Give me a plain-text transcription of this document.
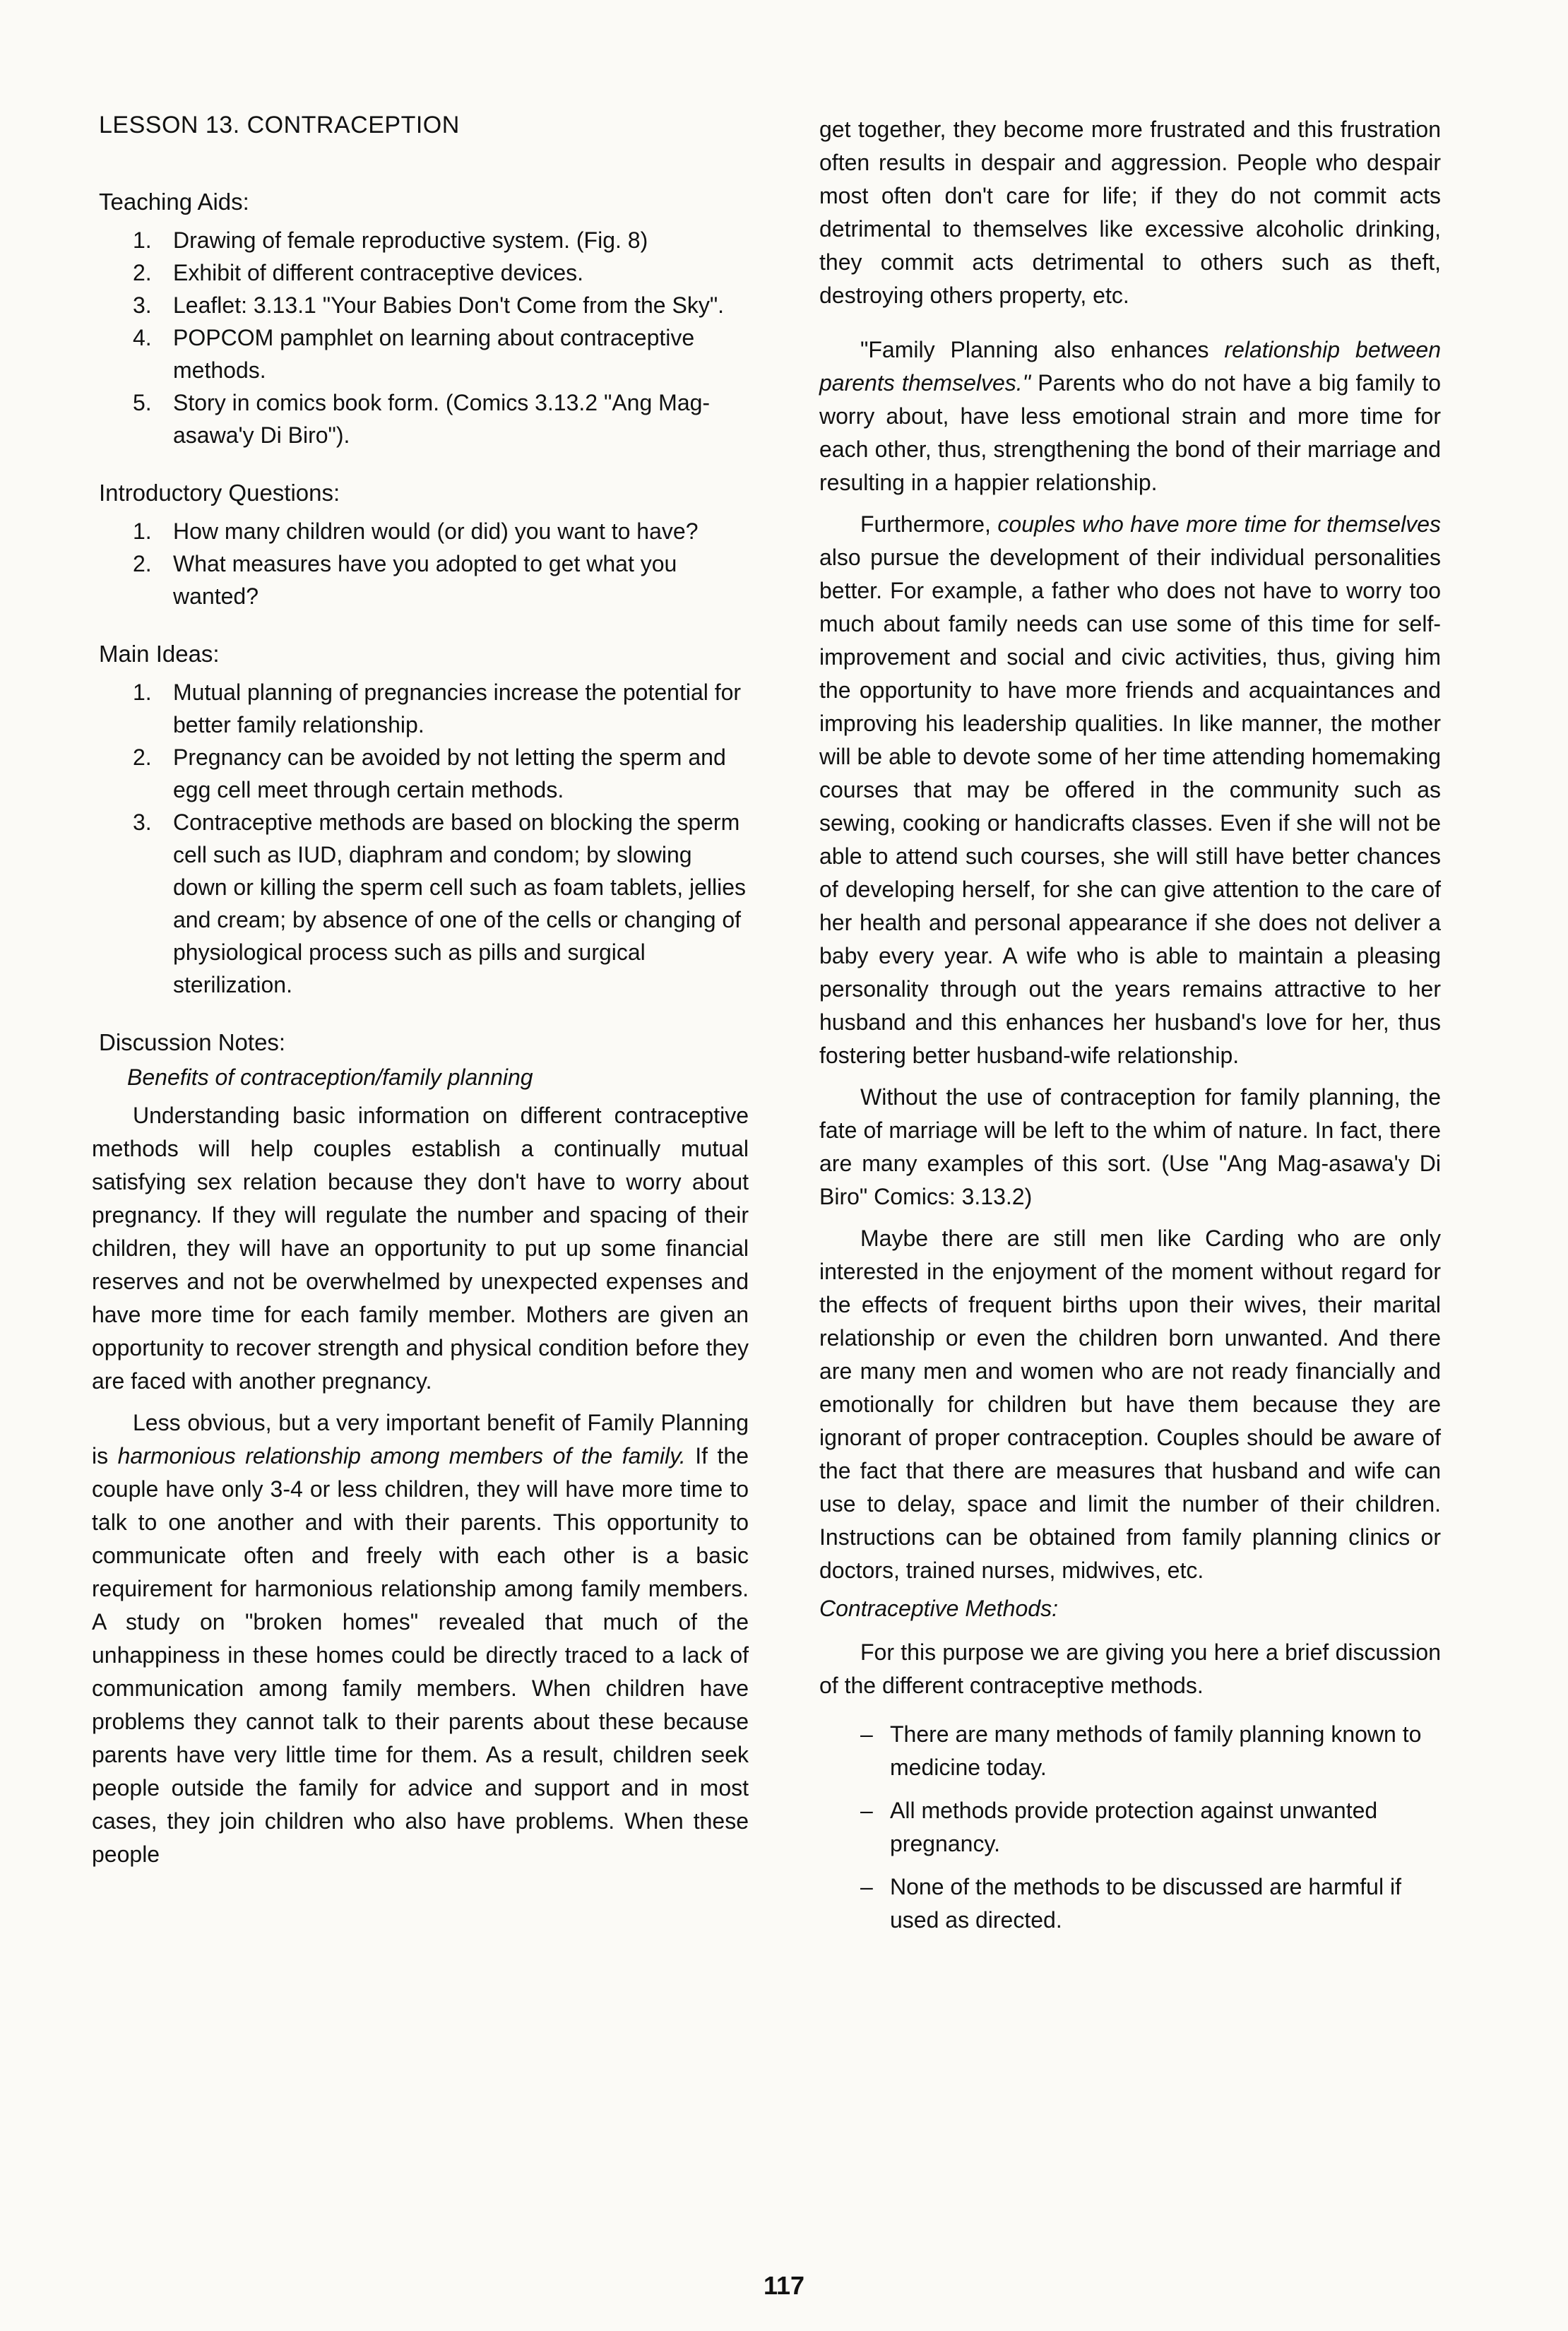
LESSON 13. CONTRACEPTION
Teaching Aids:
1. Drawing of female reproductive system. (Fig. 8)
2. Exhibit of different contraceptive devices.
3. Leaflet: 3.13.1 "Your Babies Don't Come from the Sky".
4. POPCOM pamphlet on learning about contraceptive methods.
5. Story in comics book form. (Comics 3.13.2 "Ang Mag-asawa'y Di Biro").
Introductory Questions:
1. How many children would (or did) you want to have?
2. What measures have you adopted to get what you wanted?
Main Ideas:
1. Mutual planning of pregnancies increase the potential for better family relationship.
2. Pregnancy can be avoided by not letting the sperm and egg cell meet through certain methods.
3. Contraceptive methods are based on blocking the sperm cell such as IUD, diaphram and condom; by slowing down or killing the sperm cell such as foam tablets, jellies and cream; by absence of one of the cells or changing of physiological process such as pills and surgical sterilization.
Discussion Notes:
Benefits of contraception/family planning

Understanding basic information on different contraceptive methods will help couples establish a continually mutual satisfying sex relation because they don't have to worry about pregnancy. If they will regulate the number and spacing of their children, they will have an opportunity to put up some financial reserves and not be overwhelmed by unexpected expenses and have more time for each family member. Mothers are given an opportunity to recover strength and physical condition before they are faced with another pregnancy.

Less obvious, but a very important benefit of Family Planning is harmonious relationship among members of the family. If the couple have only 3-4 or less children, they will have more time to talk to one another and with their parents. This opportunity to communicate often and freely with each other is a basic requirement for harmonious relationship among family members. A study on "broken homes" revealed that much of the unhappiness in these homes could be directly traced to a lack of communication among family members. When children have problems they cannot talk to their parents about these because parents have very little time for them. As a result, children seek people outside the family for advice and support and in most cases, they join children who also have problems. When these people

get together, they become more frustrated and this frustration often results in despair and aggression. People who despair most often don't care for life; if they do not commit acts detrimental to themselves like excessive alcoholic drinking, they commit acts detrimental to others such as theft, destroying others property, etc.

"Family Planning also enhances relationship between parents themselves." Parents who do not have a big family to worry about, have less emotional strain and more time for each other, thus, strengthening the bond of their marriage and resulting in a happier relationship.

Furthermore, couples who have more time for themselves also pursue the development of their individual personalities better. For example, a father who does not have to worry too much about family needs can use some of this time for self-improvement and social and civic activities, thus, giving him the opportunity to have more friends and acquaintances and improving his leadership qualities. In like manner, the mother will be able to devote some of her time attending homemaking courses that may be offered in the community such as sewing, cooking or handicrafts classes. Even if she will not be able to attend such courses, she will still have better chances of developing herself, for she can give attention to the care of her health and personal appearance if she does not deliver a baby every year. A wife who is able to maintain a pleasing personality through out the years remains attractive to her husband and this enhances her husband's love for her, thus fostering better husband-wife relationship.

Without the use of contraception for family planning, the fate of marriage will be left to the whim of nature. In fact, there are many examples of this sort. (Use "Ang Mag-asawa'y Di Biro" Comics: 3.13.2)

Maybe there are still men like Carding who are only interested in the enjoyment of the moment without regard for the effects of frequent births upon their wives, their marital relationship or even the children born unwanted. And there are many men and women who are not ready financially and emotionally for children but have them because they are ignorant of proper contraception. Couples should be aware of the fact that there are measures that husband and wife can use to delay, space and limit the number of their children. Instructions can be obtained from family planning clinics or doctors, trained nurses, midwives, etc.

Contraceptive Methods:

For this purpose we are giving you here a brief discussion of the different contraceptive methods.

– There are many methods of family planning known to medicine today.
– All methods provide protection against unwanted pregnancy.
– None of the methods to be discussed are harmful if used as directed.
117
